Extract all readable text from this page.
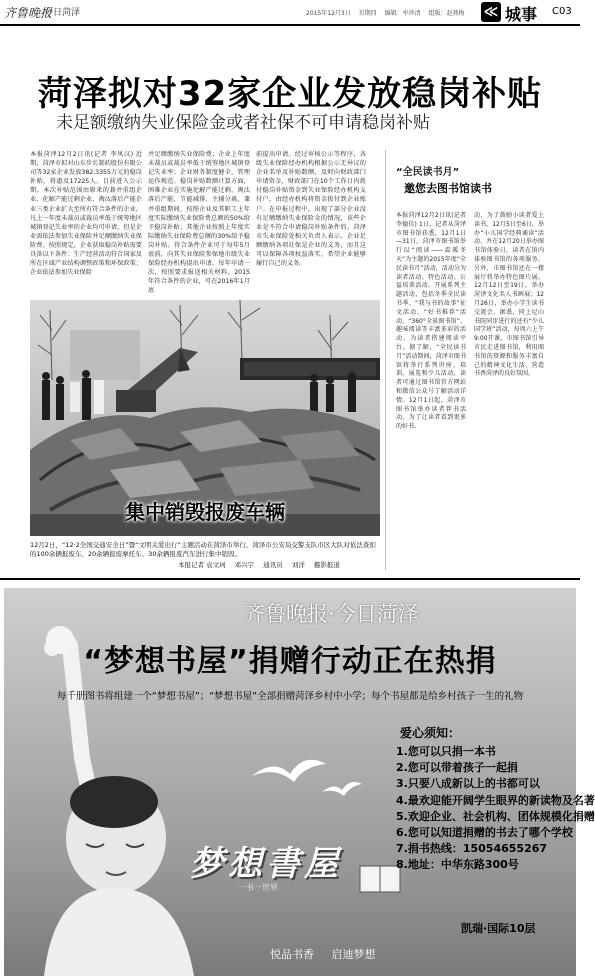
齐鲁晚报
今日菏泽	2015年12月3日 星期四 编辑：牟珍清 组版：赵燕梅	≪ 城事 C03
菏泽拟对32家企业发放稳岗补贴
未足额缴纳失业保险金或者社保不可申请稳岗补贴

本报菏泽12月2日讯(记者 李凤汉) 近期，菏泽市拟对山东步长制药股份有限公司等32家企业发放382.3355万元的稳岗补贴，将惠及17225人。目前进入公示期。本次补贴范围由原来的兼并重组企业、化解产能过剩企业、淘汰落后产能企业三类企业扩大至所有符合条件的企业。凡上一年度未裁员或裁员率低于统筹地区城镇登记失业率的企业均可申请，但是企业需依法参加失业保险并足额缴纳失业保险费。按照规定，企业获取稳岗补贴需要具备以下条件：生产经营活动符合国家及所在区域产业结构调整政策和环保政策；企业依法参加失业保险

并足额缴纳失业保险费；企业上年度未裁员或裁员率低于统筹地区城镇登记失业率；企业财务制度健全、管理运作规范。稳岗补贴数额计算方面，困难企业在实施化解产能过剩、淘汰落后产能、节能减排、主辅分离、兼并重组期间，按照企业及其职工上年度实际缴纳失业保险费总额的50%给予稳岗补贴；其他企业按照上年度实际缴纳失业保险费总额的30%给予稳岗补贴。符合条件企业可于每年5月底前，向其失业保险参保地市级失业保险经办机构提出申请。每年申请一次，按照要求报送相关材料。2015年符合条件的企业，可在2016年1月底

前提出申请。经过审核公示等程序，各级失业保险经办机构根据公示无异议的企业名单及补贴数额，及时向财政部门申请资金，财政部门在10个工作日内拨付稳岗补贴资金到失业保险经办机构支付户，由经办机构将资金拨付到企业账户。在申报过程中，出现了部分企业没有足额缴纳失业保险金的情况，该些企业是不符合申请稳岗补贴条件的。菏泽市失业保险处相关负责人表示，企业足额缴纳各项社保是企业的义务，而且这可以保障各项权益落实，希望企业能够履行自己的义务。

集中销毁报废车辆

12月2日，“12·2全国交通安全日”暨“文明关爱出行”主题活动在菏泽市举行，菏泽市公安局交警支队市区大队对依法查扣的100余辆报废车、20余辆报废摩托车、30余辆报废汽车进行集中销毁。

本报记者 袁文珂 邓兴宇 通讯员 刘洋 摄影报道
“全民读书月”
邀您去图书馆读书

本报菏泽12月2日讯(记者 李德佳) 1日，记者从菏泽市图书馆获悉，12月1日—31日，菏泽市图书馆举行以“阅读——温暖冬天”为主题的2015年度“全民读书月”活动，活动分为读者活动、特色活动、公益培训活动。开展系列主题活动，包括冬季全民读书季、“我与书的故事”征文活动、“好书推荐”活动、“360°全景图书馆”、趣味阅读等丰富多彩的活动，为读者搭建阅读平台。据了解，“全民读书月”活动期间，菏泽市图书馆将举行系列讲座、培训、展览和少儿活动，读者可通过图书馆官方网站和微信公众号了解活动详情。12月1日起，菏泽市图书馆举办读者荐书活动，为了让读者看到更多的好书。

动，为了鼓励小读者爱上读书，12月5日至6日，举办“小儿国学经典诵读”活动，并在12月20日举办图书馆体验日，读者在馆内体验图书馆的各项服务。另外，市图书馆还在一楼展厅将举办特色图片展。12月12日至19日，举办菏泽文化名人书画展；12月26日，举办小学生读书交流会。据悉，同上尼山书院同步进行的还有“少儿国学班”活动，每周六上午9:00开课。市图书馆引导市民走进图书馆，利用图书馆的资源和服务丰富自己的精神文化生活，营造书香菏泽的良好氛围。

齐鲁晚报·今日菏泽
“梦想书屋”捐赠行动正在热捐
每千册图书将组建一个“梦想书屋”；“梦想书屋”全部捐赠菏泽乡村中小学；每个书屋都是给乡村孩子一生的礼物
爱心须知：
1.您可以只捐一本书
2.您可以带着孩子一起捐
3.只要八成新以上的书都可以
4.最欢迎能开阔学生眼界的新读物及名著
5.欢迎企业、社会机构、团体规模化捐赠
6.您可以知道捐赠的书去了哪个学校
7.捐书热线：15054655267
8.地址：中华东路300号
凯瑞·国际10层
梦想書屋
一书一世界
悦品书香 启迪梦想
